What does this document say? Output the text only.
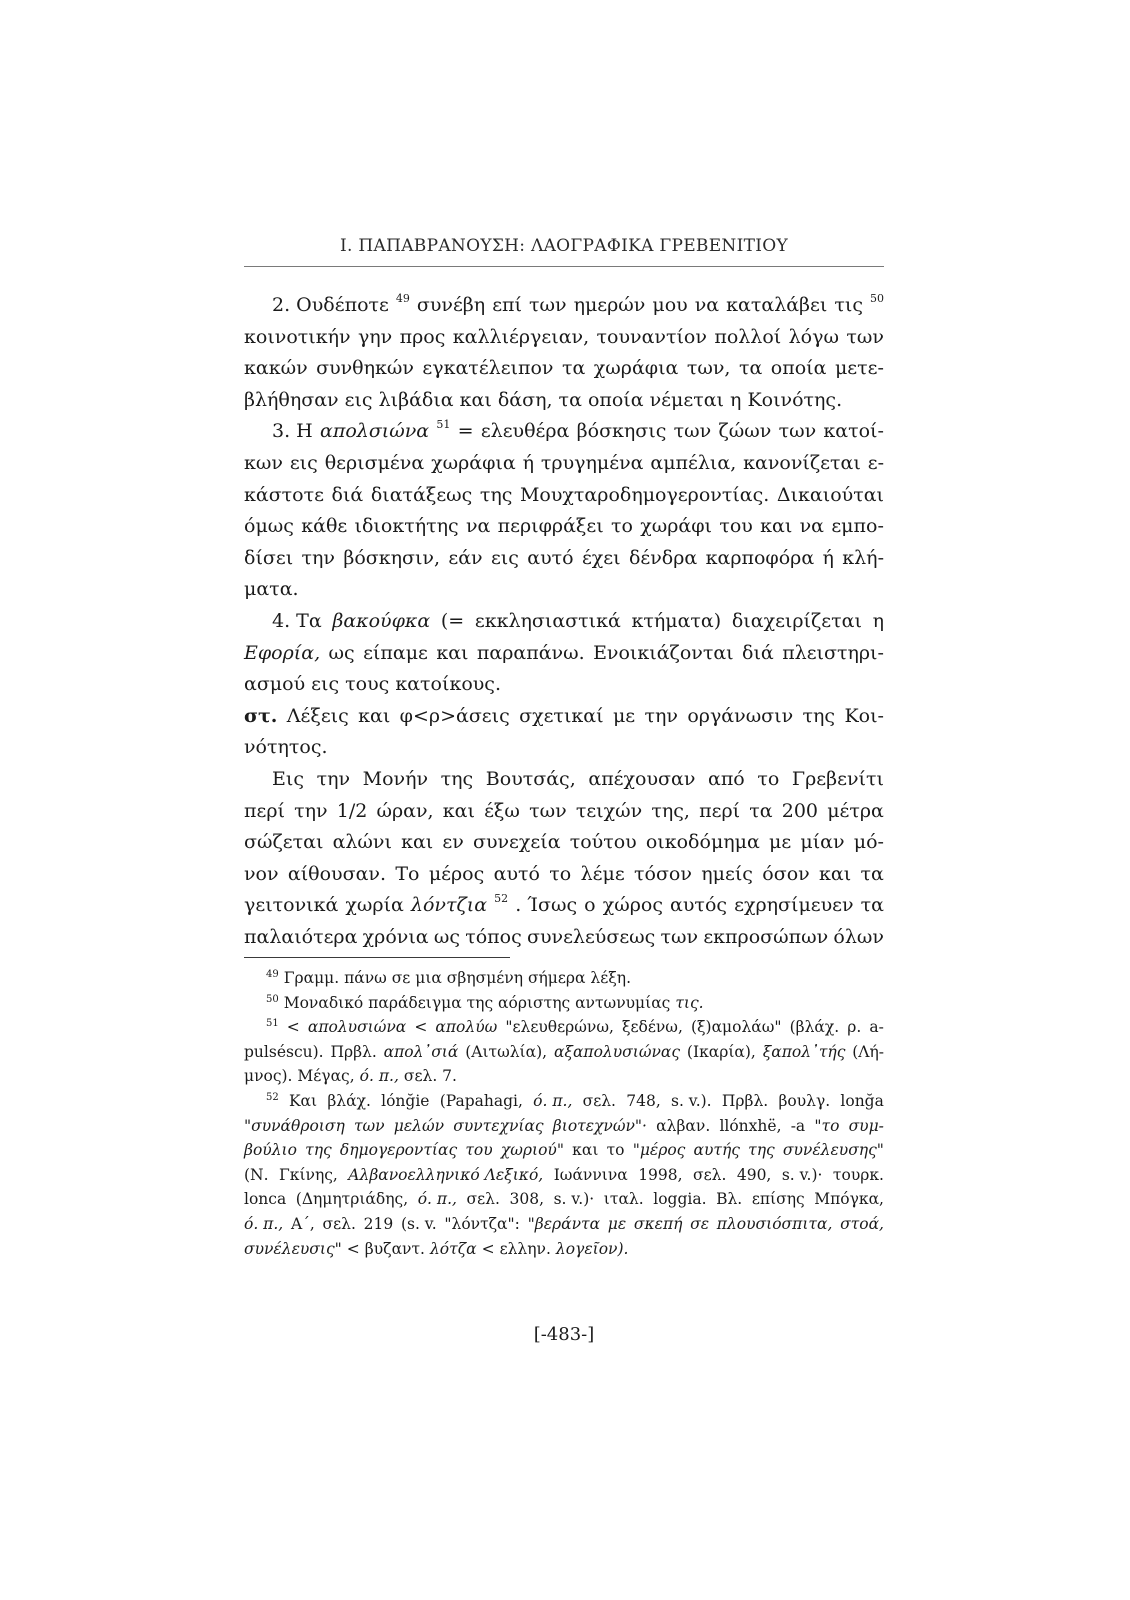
Ι. ΠΑΠΑΒΡΑΝΟΥΣΗ: ΛΑΟΓΡΑΦΙΚΑ ΓΡΕΒΕΝΙΤΙΟΥ
2. Ουδέποτε 49 συνέβη επί των ημερών μου να καταλάβει τις 50
κοινοτικήν γην προς καλλιέργειαν, τουναντίον πολλοί λόγω των
κακών συνθηκών εγκατέλειπον τα χωράφια των, τα οποία μετε-
βλήθησαν εις λιβάδια και δάση, τα οποία νέμεται η Κοινότης.
3. Η απολσιώνα 51 = ελευθέρα βόσκησις των ζώων των κατοί-
κων εις θερισμένα χωράφια ή τρυγημένα αμπέλια, κανονίζεται ε-
κάστοτε διά διατάξεως της Μουχταροδημογεροντίας. Δικαιούται
όμως κάθε ιδιοκτήτης να περιφράξει το χωράφι του και να εμπο-
δίσει την βόσκησιν, εάν εις αυτό έχει δένδρα καρποφόρα ή κλή-
ματα.
4. Τα βακούφκα (= εκκλησιαστικά κτήματα) διαχειρίζεται η
Εφορία, ως είπαμε και παραπάνω. Ενοικιάζονται διά πλειστηρι-
ασμού εις τους κατοίκους.
στ. Λέξεις και φ<ρ>άσεις σχετικαί με την οργάνωσιν της Κοι-
νότητος.
Εις την Μονήν της Βουτσάς, απέχουσαν από το Γρεβενίτι
περί την 1/2 ώραν, και έξω των τειχών της, περί τα 200 μέτρα
σώζεται αλώνι και εν συνεχεία τούτου οικοδόμημα με μίαν μό-
νον αίθουσαν. Το μέρος αυτό το λέμε τόσον ημείς όσον και τα
γειτονικά χωρία λόντζια 52 . Ίσως ο χώρος αυτός εχρησίμευεν τα
παλαιότερα χρόνια ως τόπος συνελεύσεως των εκπροσώπων όλων
49 Γραμμ. πάνω σε μια σβησμένη σήμερα λέξη.
50 Μοναδικό παράδειγμα της αόριστης αντωνυμίας τις.
51 < απολυσιώνα < απολύω "ελευθερώνω, ξεδένω, (ξ)αμολάω" (βλάχ. ρ. a-
pulséscu). Πρβλ. απολ᾽σιά (Αιτωλία), αξαπολυσιώνας (Ικαρία), ξαπολ᾽τής (Λή-
μνος). Μέγας, ό. π., σελ. 7.
52 Και βλάχ. lónğie (Papahagi, ό. π., σελ. 748, s. v.). Πρβλ. βουλγ. lonğa
"συνάθροιση των μελών συντεχνίας βιοτεχνών"· αλβαν. llónxhë, -a "το συμ-
βούλιο της δημογεροντίας του χωριού" και το "μέρος αυτής της συνέλευσης"
(Ν. Γκίνης, Αλβανοελληνικό Λεξικό, Ιωάννινα 1998, σελ. 490, s. v.)· τουρκ.
lonca (Δημητριάδης, ό. π., σελ. 308, s. v.)· ιταλ. loggia. Βλ. επίσης Μπόγκα,
ό. π., Α΄, σελ. 219 (s. v. "λόντζα": "βεράντα με σκεπή σε πλουσιόσπιτα, στοά,
συνέλευσις" < βυζαντ. λότζα < ελλην. λογεῖον).
[-483-]
